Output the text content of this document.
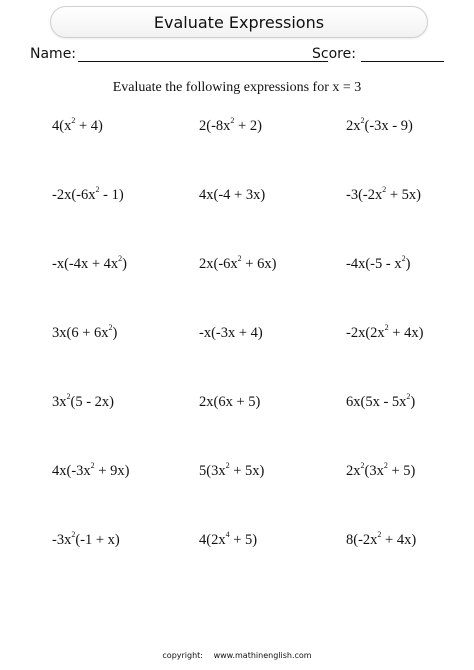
Evaluate Expressions
Name:	Score:
Evaluate the following expressions for x = 3
$4(x^2 + 4)$	$2(-8x^2 + 2)$	$2x^2(-3x - 9)$
$-2x(-6x^2 - 1)$	4x(-4 + 3x)	$-3(-2x^2 + 5x)$
$-x(-4x + 4x^2)$	$2x(-6x^2 + 6x)$	$-4x(-5 - x^2)$
$3x(6 + 6x^2)$	-x(-3x + 4)	$-2x(2x^2 + 4x)$
$3x^2(5 - 2x)$	2x(6x + 5)	$6x(5x - 5x^2)$
$4x(-3x^2 + 9x)$	$5(3x^2 + 5x)$	$2x^2(3x^2 + 5)$
$-3x^2(-1 + x)$	$4(2x^4 + 5)$	$8(-2x^2 + 4x)$
copyright: www.mathinenglish.com
